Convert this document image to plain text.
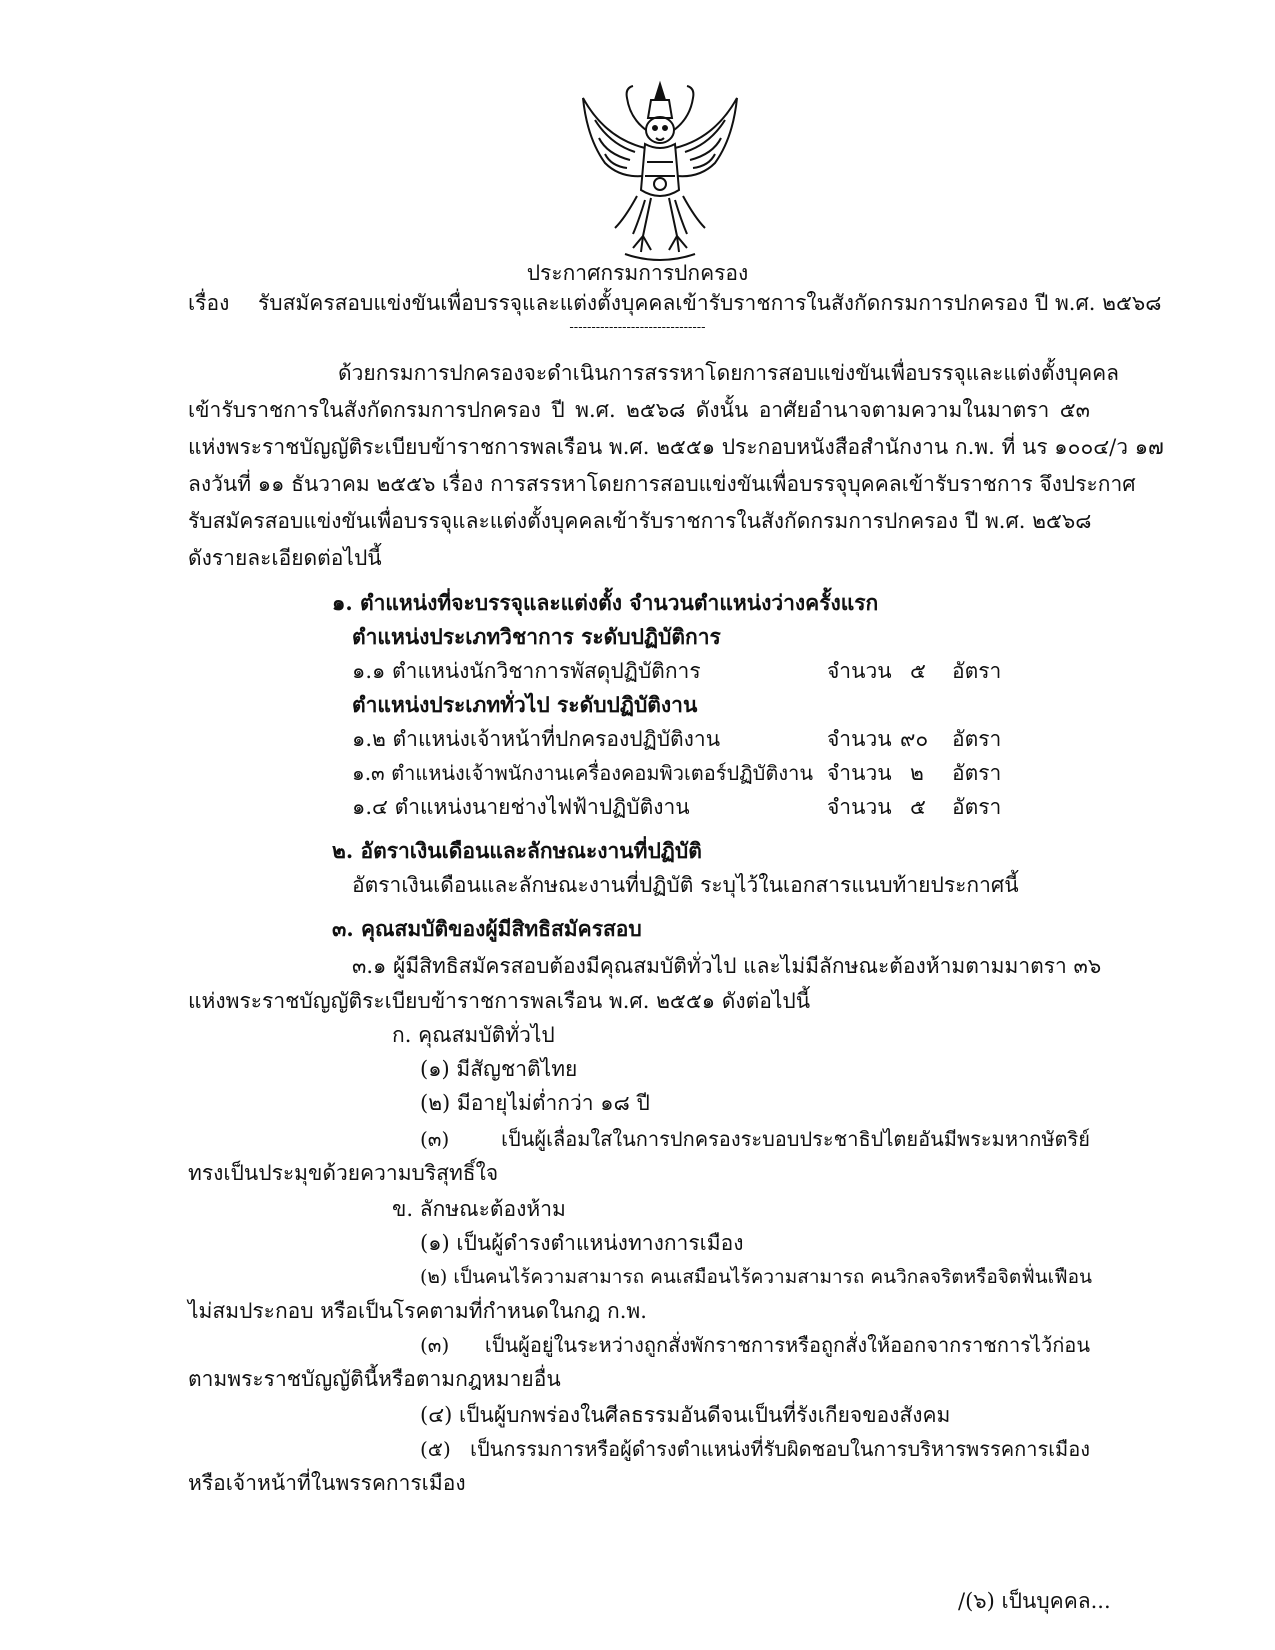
ประกาศกรมการปกครอง
เรื่อง รับสมัครสอบแข่งขันเพื่อบรรจุและแต่งตั้งบุคคลเข้ารับราชการในสังกัดกรมการปกครอง ปี พ.ศ. ๒๕๖๘
-------------------------------
ด้วยกรมการปกครองจะดำเนินการสรรหาโดยการสอบแข่งขันเพื่อบรรจุและแต่งตั้งบุคคล
เข้ารับราชการในสังกัดกรมการปกครอง ปี พ.ศ. ๒๕๖๘ ดังนั้น อาศัยอำนาจตามความในมาตรา ๕๓
แห่งพระราชบัญญัติระเบียบข้าราชการพลเรือน พ.ศ. ๒๕๕๑ ประกอบหนังสือสำนักงาน ก.พ. ที่ นร ๑๐๐๔/ว ๑๗
ลงวันที่ ๑๑ ธันวาคม ๒๕๕๖ เรื่อง การสรรหาโดยการสอบแข่งขันเพื่อบรรจุบุคคลเข้ารับราชการ จึงประกาศ
รับสมัครสอบแข่งขันเพื่อบรรจุและแต่งตั้งบุคคลเข้ารับราชการในสังกัดกรมการปกครอง ปี พ.ศ. ๒๕๖๘
ดังรายละเอียดต่อไปนี้
๑. ตำแหน่งที่จะบรรจุและแต่งตั้ง จำนวนตำแหน่งว่างครั้งแรก
ตำแหน่งประเภทวิชาการ ระดับปฏิบัติการ
๑.๑ ตำแหน่งนักวิชาการพัสดุปฏิบัติการ	จำนวน ๕ อัตรา
ตำแหน่งประเภททั่วไป ระดับปฏิบัติงาน
๑.๒ ตำแหน่งเจ้าหน้าที่ปกครองปฏิบัติงาน	จำนวน ๙๐ อัตรา
๑.๓ ตำแหน่งเจ้าพนักงานเครื่องคอมพิวเตอร์ปฏิบัติงาน จำนวน ๒ อัตรา
๑.๔ ตำแหน่งนายช่างไฟฟ้าปฏิบัติงาน	จำนวน ๕ อัตรา
๒. อัตราเงินเดือนและลักษณะงานที่ปฏิบัติ
อัตราเงินเดือนและลักษณะงานที่ปฏิบัติ ระบุไว้ในเอกสารแนบท้ายประกาศนี้
๓. คุณสมบัติของผู้มีสิทธิสมัครสอบ
๓.๑ ผู้มีสิทธิสมัครสอบต้องมีคุณสมบัติทั่วไป และไม่มีลักษณะต้องห้ามตามมาตรา ๓๖
แห่งพระราชบัญญัติระเบียบข้าราชการพลเรือน พ.ศ. ๒๕๕๑ ดังต่อไปนี้
ก. คุณสมบัติทั่วไป
(๑) มีสัญชาติไทย
(๒) มีอายุไม่ต่ำกว่า ๑๘ ปี
(๓) เป็นผู้เลื่อมใสในการปกครองระบอบประชาธิปไตยอันมีพระมหากษัตริย์
ทรงเป็นประมุขด้วยความบริสุทธิ์ใจ
ข. ลักษณะต้องห้าม
(๑) เป็นผู้ดำรงตำแหน่งทางการเมือง
(๒) เป็นคนไร้ความสามารถ คนเสมือนไร้ความสามารถ คนวิกลจริตหรือจิตฟั่นเฟือน
ไม่สมประกอบ หรือเป็นโรคตามที่กำหนดในกฎ ก.พ.
(๓) เป็นผู้อยู่ในระหว่างถูกสั่งพักราชการหรือถูกสั่งให้ออกจากราชการไว้ก่อน
ตามพระราชบัญญัตินี้หรือตามกฎหมายอื่น
(๔) เป็นผู้บกพร่องในศีลธรรมอันดีจนเป็นที่รังเกียจของสังคม
(๕) เป็นกรรมการหรือผู้ดำรงตำแหน่งที่รับผิดชอบในการบริหารพรรคการเมือง
หรือเจ้าหน้าที่ในพรรคการเมือง
/(๖) เป็นบุคคล...
